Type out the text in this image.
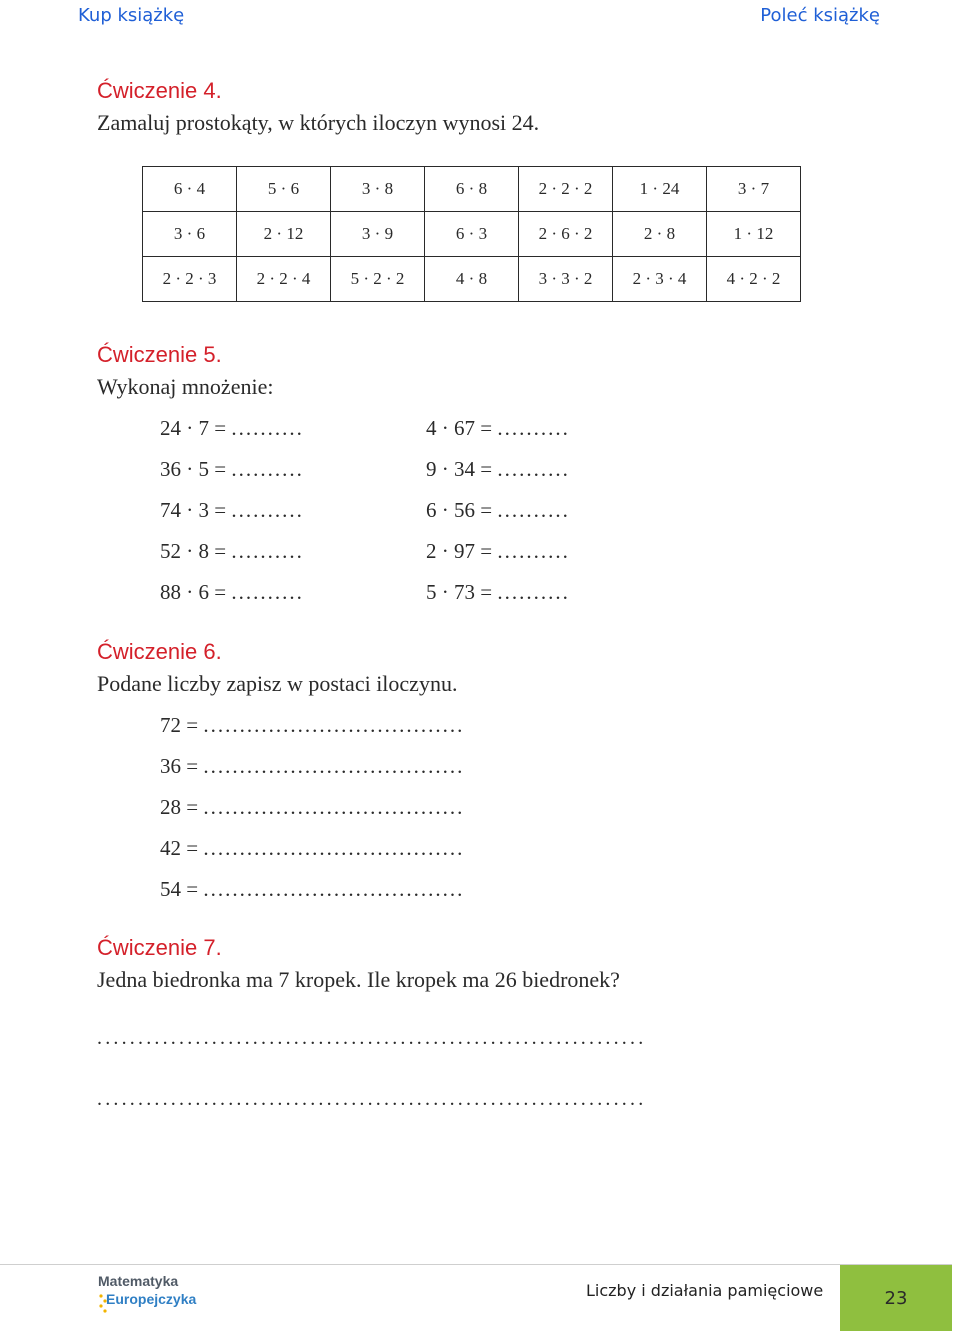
Kup książkę	Poleć książkę
Ćwiczenie 4.

Zamaluj prostokąty, w których iloczyn wynosi 24.

6 · 4	5 · 6	3 · 8	6 · 8	2 · 2 · 2	1 · 24	3 · 7
3 · 6	2 · 12	3 · 9	6 · 3	2 · 6 · 2	2 · 8	1 · 12
2 · 2 · 3	2 · 2 · 4	5 · 2 · 2	4 · 8	3 · 3 · 2	2 · 3 · 4	4 · 2 · 2
Ćwiczenie 5.

Wykonaj mnożenie:

24 · 7 = ..........
36 · 5 = ..........
74 · 3 = ..........
52 · 8 = ..........
88 · 6 = ..........
4 · 67 = ..........
9 · 34 = ..........
6 · 56 = ..........
2 · 97 = ..........
5 · 73 = ..........
Ćwiczenie 6.

Podane liczby zapisz w postaci iloczynu.

72 = ....................................
36 = ....................................
28 = ....................................
42 = ....................................
54 = ....................................
Ćwiczenie 7.

Jedna biedronka ma 7 kropek. Ile kropek ma 26 biedronek?

...................................................................
...................................................................
Matematyka
Europejczyka	Liczby i działania pamięciowe	23
